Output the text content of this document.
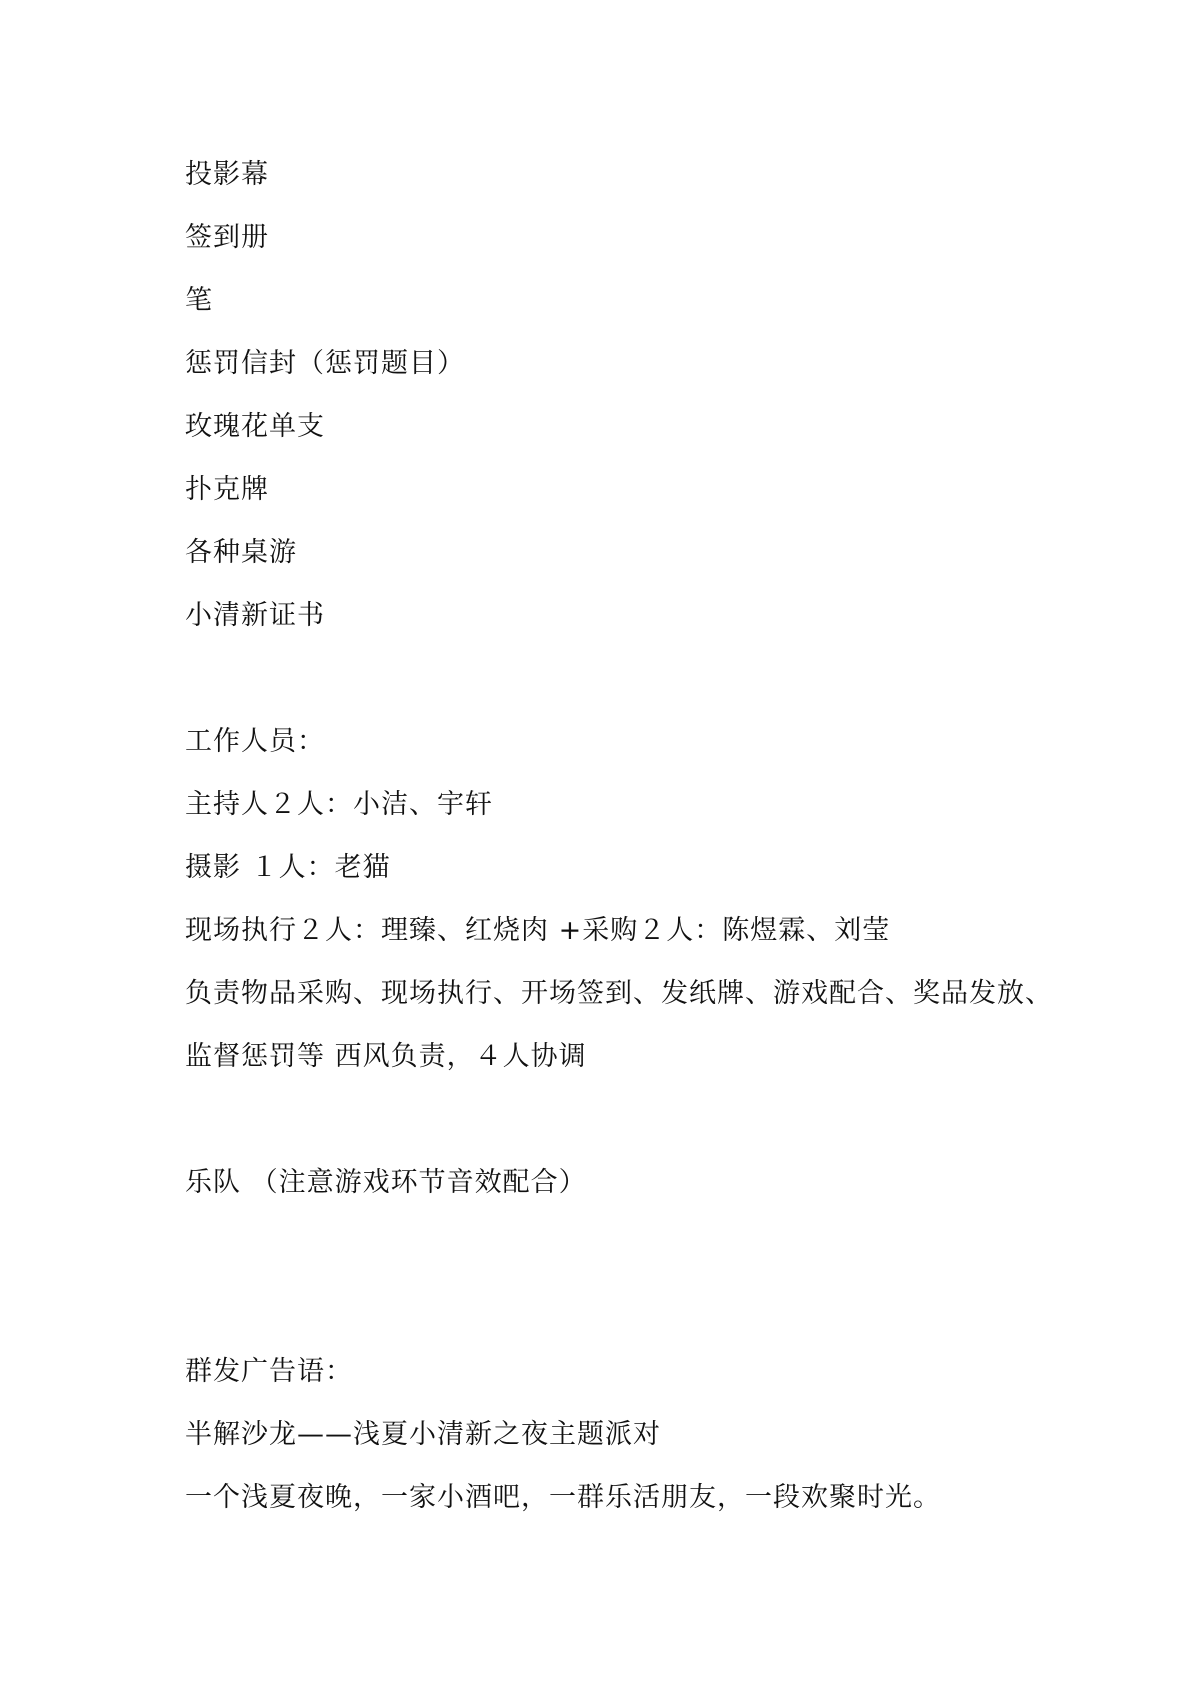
投影幕
签到册
笔
惩罚信封（惩罚题目）
玫瑰花单支
扑克牌
各种桌游
小清新证书
工作人员：
主持人２人：小洁、宇轩
摄影 １人：老猫
现场执行２人：理臻、红烧肉 +采购２人：陈煜霖、刘莹
负责物品采购、现场执行、开场签到、发纸牌、游戏配合、奖品发放、
监督惩罚等 西风负责，４人协调
乐队 （注意游戏环节音效配合）
群发广告语：
半解沙龙——浅夏小清新之夜主题派对
一个浅夏夜晚，一家小酒吧，一群乐活朋友，一段欢聚时光。
